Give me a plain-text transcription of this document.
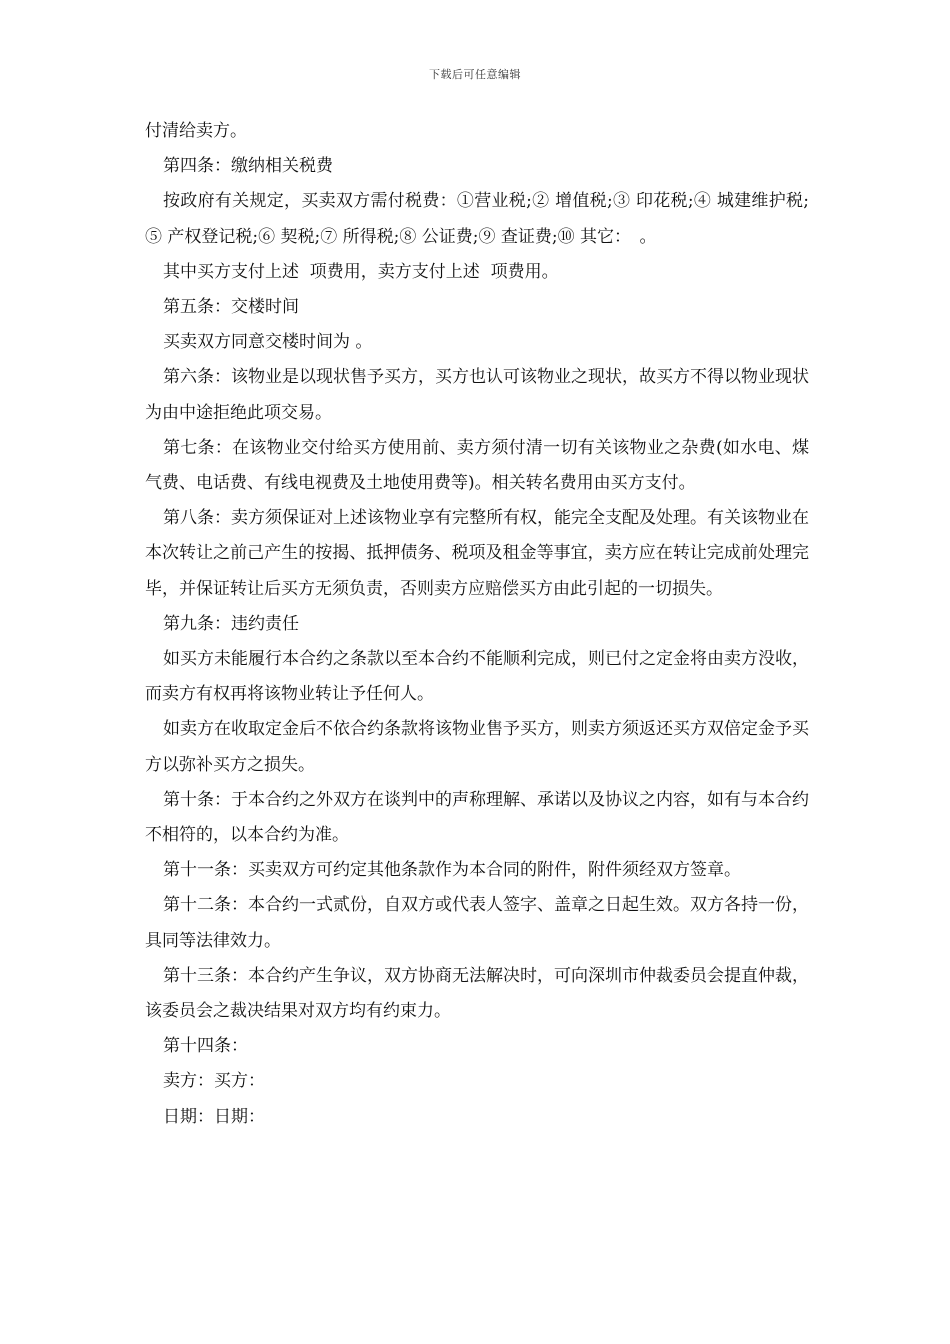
下载后可任意编辑

付清给卖方。

第四条：缴纳相关税费

按政府有关规定，买卖双方需付税费：①营业税;② 增值税;③ 印花税;④ 城建维护税;⑤ 产权登记税;⑥ 契税;⑦ 所得税;⑧ 公证费;⑨ 查证费;⑩ 其它：　。

其中买方支付上述  项费用，卖方支付上述  项费用。

第五条：交楼时间

买卖双方同意交楼时间为 。

第六条：该物业是以现状售予买方，买方也认可该物业之现状，故买方不得以物业现状为由中途拒绝此项交易。

第七条：在该物业交付给买方使用前、卖方须付清一切有关该物业之杂费(如水电、煤气费、电话费、有线电视费及土地使用费等)。相关转名费用由买方支付。

第八条：卖方须保证对上述该物业享有完整所有权，能完全支配及处理。有关该物业在本次转让之前己产生的按揭、抵押债务、税项及租金等事宜，卖方应在转让完成前处理完毕，并保证转让后买方无须负责，否则卖方应赔偿买方由此引起的一切损失。

第九条：违约责任

如买方未能履行本合约之条款以至本合约不能顺利完成，则已付之定金将由卖方没收，而卖方有权再将该物业转让予任何人。

如卖方在收取定金后不依合约条款将该物业售予买方，则卖方须返还买方双倍定金予买方以弥补买方之损失。

第十条：于本合约之外双方在谈判中的声称理解、承诺以及协议之内容，如有与本合约不相符的，以本合约为准。

第十一条：买卖双方可约定其他条款作为本合同的附件，附件须经双方签章。

第十二条：本合约一式贰份，自双方或代表人签字、盖章之日起生效。双方各持一份，具同等法律效力。

第十三条：本合约产生争议，双方协商无法解决时，可向深圳市仲裁委员会提直仲裁，该委员会之裁决结果对双方均有约束力。

第十四条：

卖方：买方：

日期：日期：
